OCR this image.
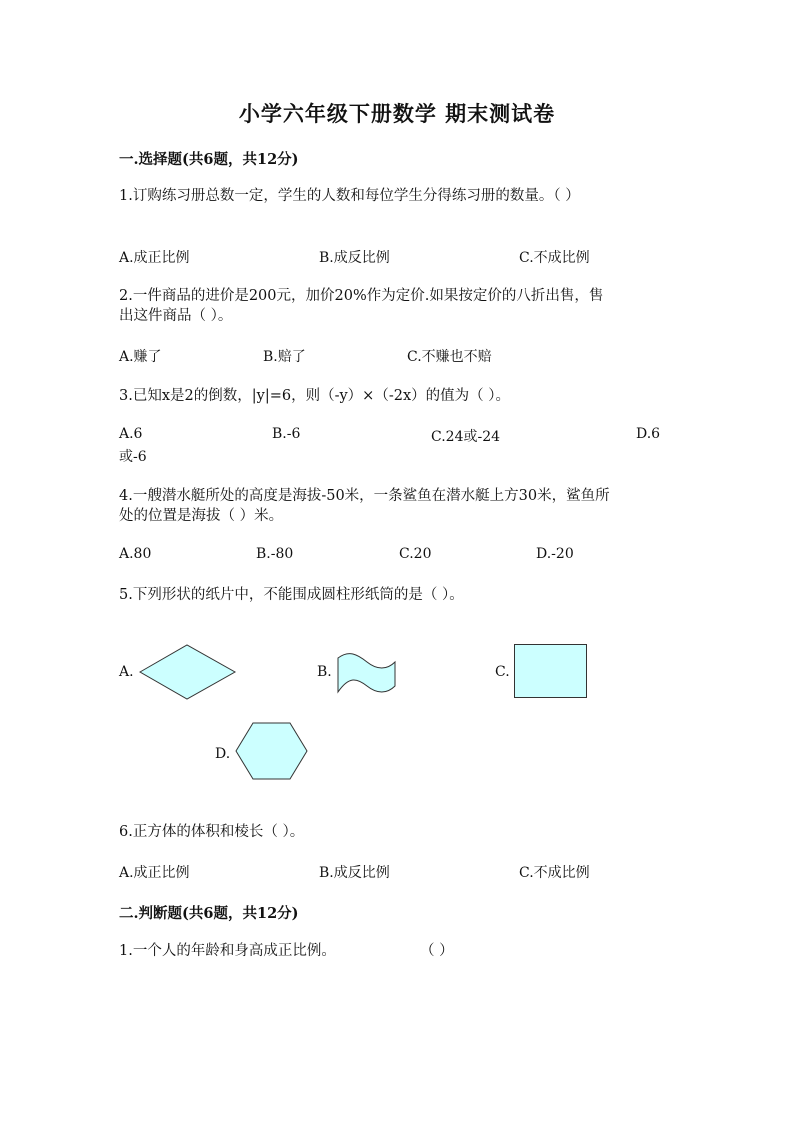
小学六年级下册数学 期末测试卷
一.选择题(共6题，共12分)
1.订购练习册总数一定，学生的人数和每位学生分得练习册的数量。（ ）
A.成正比例	B.成反比例	C.不成比例
2.一件商品的进价是200元，加价20%作为定价.如果按定价的八折出售，售
出这件商品（ ）。
A.赚了	B.赔了	C.不赚也不赔
3.已知x是2的倒数，|y|=6，则（-y）×（-2x）的值为（ ）。
A.6	B.-6	C.24或-24	D.6
或-6
4.一艘潜水艇所处的高度是海拔-50米，一条鲨鱼在潜水艇上方30米，鲨鱼所
处的位置是海拔（ ）米。
A.80	B.-80	C.20	D.-20
5.下列形状的纸片中，不能围成圆柱形纸筒的是（ ）。
A.	B.	C.
D.
6.正方体的体积和棱长（ ）。
A.成正比例	B.成反比例	C.不成比例
二.判断题(共6题，共12分)
1.一个人的年龄和身高成正比例。	（ ）
